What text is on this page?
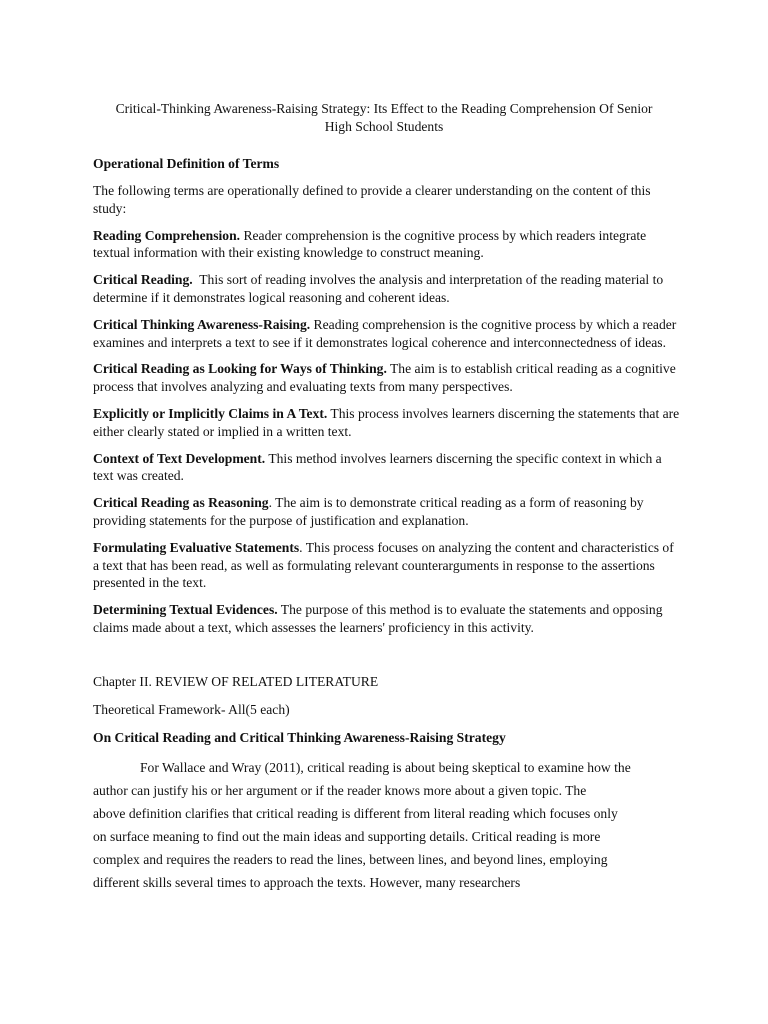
Critical-Thinking Awareness-Raising Strategy: Its Effect to the Reading Comprehension Of Senior
High School Students
Operational Definition of Terms

The following terms are operationally defined to provide a clearer understanding on the content of this study:

Reading Comprehension. Reader comprehension is the cognitive process by which readers integrate textual information with their existing knowledge to construct meaning.

Critical Reading.  This sort of reading involves the analysis and interpretation of the reading material to determine if it demonstrates logical reasoning and coherent ideas.

Critical Thinking Awareness-Raising. Reading comprehension is the cognitive process by which a reader examines and interprets a text to see if it demonstrates logical coherence and interconnectedness of ideas.

Critical Reading as Looking for Ways of Thinking. The aim is to establish critical reading as a cognitive process that involves analyzing and evaluating texts from many perspectives.

Explicitly or Implicitly Claims in A Text. This process involves learners discerning the statements that are either clearly stated or implied in a written text.

Context of Text Development. This method involves learners discerning the specific context in which a text was created.

Critical Reading as Reasoning. The aim is to demonstrate critical reading as a form of reasoning by providing statements for the purpose of justification and explanation.

Formulating Evaluative Statements. This process focuses on analyzing the content and characteristics of a text that has been read, as well as formulating relevant counterarguments in response to the assertions presented in the text.

Determining Textual Evidences. The purpose of this method is to evaluate the statements and opposing claims made about a text, which assesses the learners' proficiency in this activity.

Chapter II. REVIEW OF RELATED LITERATURE

Theoretical Framework- All(5 each)

On Critical Reading and Critical Thinking Awareness-Raising Strategy

For Wallace and Wray (2011), critical reading is about being skeptical to examine how the

author can justify his or her argument or if the reader knows more about a given topic. The

above definition clarifies that critical reading is different from literal reading which focuses only

on surface meaning to find out the main ideas and supporting details. Critical reading is more

complex and requires the readers to read the lines, between lines, and beyond lines, employing

different skills several times to approach the texts. However, many researchers
